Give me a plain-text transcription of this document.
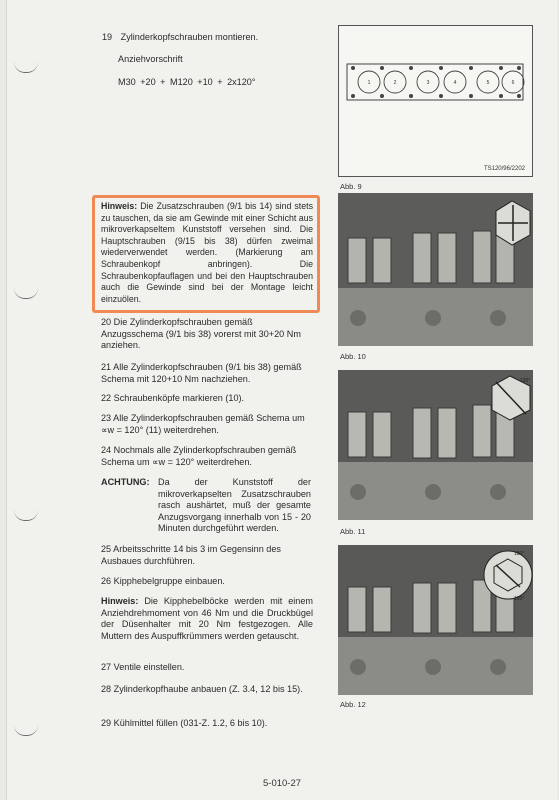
19 Zylinderkopfschrauben montieren.
Anziehvorschrift
M30 +20 + M120 +10 + 2x120°	1	2	3	4	5	6
TS120/96/2202
Abb. 9
Hinweis: Die Zusatzschrauben (9/1 bis 14) sind stets zu tauschen, da sie am Gewinde mit einer Schicht aus mikroverkapseltem Kunststoff versehen sind. Die Hauptschrauben (9/15 bis 38) dürfen zweimal wiederverwendet werden. (Markierung am Schraubenkopf anbringen). Die Schraubenkopfauflagen und bei den Hauptschrauben auch die Gewinde sind bei der Montage leicht einzuölen.
Abb. 10
20 Die Zylinderkopfschrauben gemäß Anzugsschema (9/1 bis 38) vorerst mit 30+20 Nm anziehen.
21 Alle Zylinderkopfschrauben (9/1 bis 38) gemäß Schema mit 120+10 Nm nachziehen.
22 Schraubenköpfe markieren (10).
23 Alle Zylinderkopfschrauben gemäß Schema um ∝w = 120° (11) weiterdrehen.
24 Nochmals alle Zylinderkopfschrauben gemäß Schema um ∝w = 120° weiterdrehen.
ACHTUNG: Da der Kunststoff der mikroverkapselten Zusatzschrauben rasch aushärtet, muß der gesamte Anzugsvorgang innerhalb von 15 - 20 Minuten durchgeführt werden.
120°
Abb. 11
25 Arbeitsschritte 14 bis 3 im Gegensinn des Ausbaues durchführen.
26 Kipphebelgruppe einbauen.
Hinweis: Die Kipphebelböcke werden mit einem Anziehdrehmoment von 46 Nm und die Druckbügel der Düsenhalter mit 20 Nm festgezogen. Alle Muttern des Auspuffkrümmers werden getauscht.
27 Ventile einstellen.
28 Zylinderkopfhaube anbauen (Z. 3.4, 12 bis 15).
29 Kühlmittel füllen (031-Z. 1.2, 6 bis 10).
120°
120°
Abb. 12
5-010-27
